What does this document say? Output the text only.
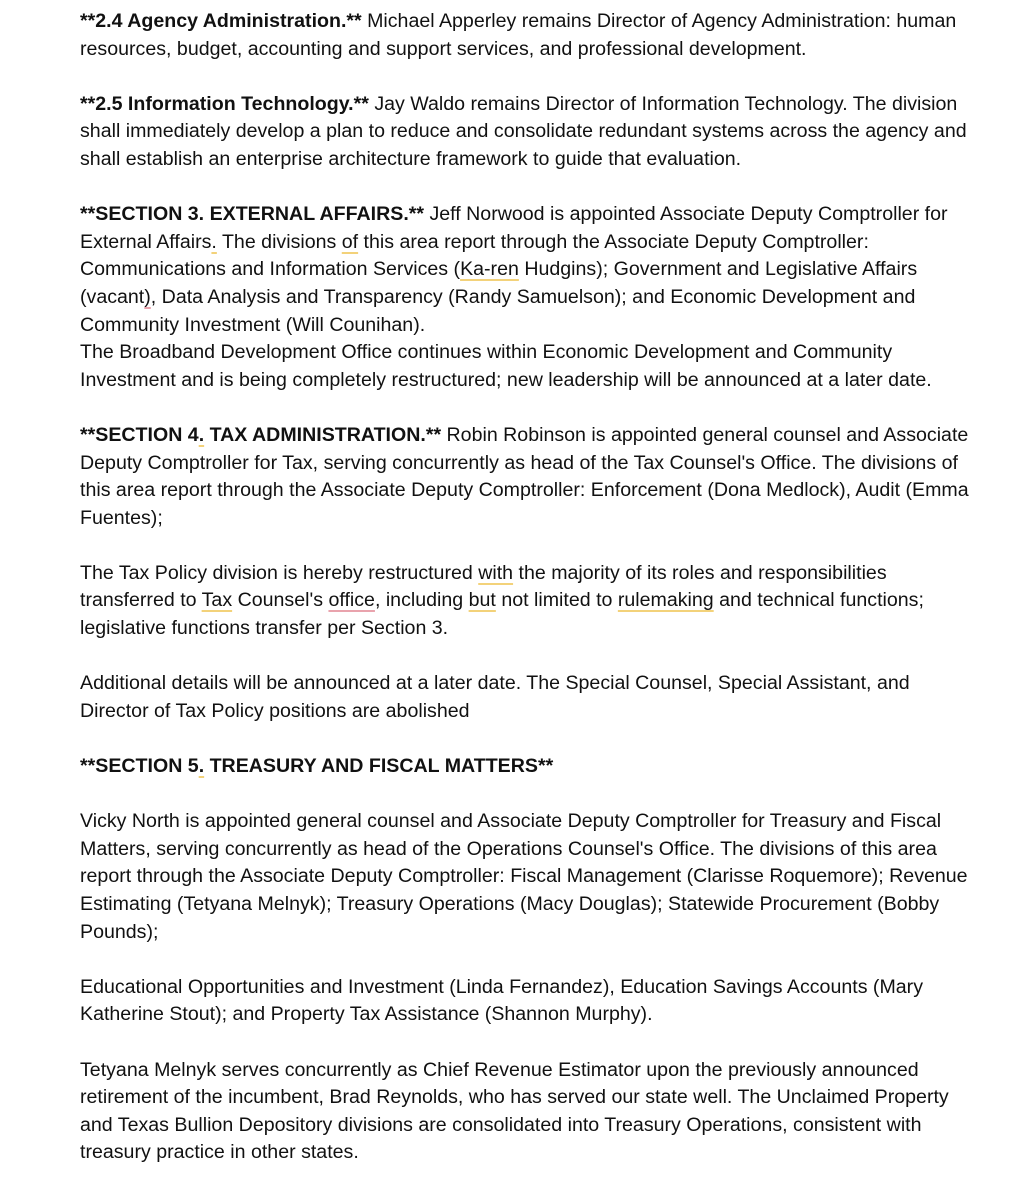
**2.4 Agency Administration.** Michael Apperley remains Director of Agency Administration: human resources, budget, accounting and support services, and professional development.

**2.5 Information Technology.** Jay Waldo remains Director of Information Technology. The division shall immediately develop a plan to reduce and consolidate redundant systems across the agency and shall establish an enterprise architecture framework to guide that evaluation.

**SECTION 3. EXTERNAL AFFAIRS.** Jeff Norwood is appointed Associate Deputy Comptroller for External Affairs. The divisions of this area report through the Associate Deputy Comptroller: Communications and Information Services (Ka-ren Hudgins); Government and Legislative Affairs (vacant), Data Analysis and Transparency (Randy Samuelson); and Economic Development and Community Investment (Will Counihan).

The Broadband Development Office continues within Economic Development and Community Investment and is being completely restructured; new leadership will be announced at a later date.

**SECTION 4. TAX ADMINISTRATION.** Robin Robinson is appointed general counsel and Associate Deputy Comptroller for Tax, serving concurrently as head of the Tax Counsel's Office. The divisions of this area report through the Associate Deputy Comptroller: Enforcement (Dona Medlock), Audit (Emma Fuentes);

The Tax Policy division is hereby restructured with the majority of its roles and responsibilities transferred to Tax Counsel's office, including but not limited to rulemaking and technical functions; legislative functions transfer per Section 3.

Additional details will be announced at a later date. The Special Counsel, Special Assistant, and Director of Tax Policy positions are abolished

**SECTION 5. TREASURY AND FISCAL MATTERS**

Vicky North is appointed general counsel and Associate Deputy Comptroller for Treasury and Fiscal Matters, serving concurrently as head of the Operations Counsel's Office. The divisions of this area report through the Associate Deputy Comptroller: Fiscal Management (Clarisse Roquemore); Revenue Estimating (Tetyana Melnyk); Treasury Operations (Macy Douglas); Statewide Procurement (Bobby Pounds);

Educational Opportunities and Investment (Linda Fernandez), Education Savings Accounts (Mary Katherine Stout); and Property Tax Assistance (Shannon Murphy).

Tetyana Melnyk serves concurrently as Chief Revenue Estimator upon the previously announced retirement of the incumbent, Brad Reynolds, who has served our state well. The Unclaimed Property and Texas Bullion Depository divisions are consolidated into Treasury Operations, consistent with treasury practice in other states.
